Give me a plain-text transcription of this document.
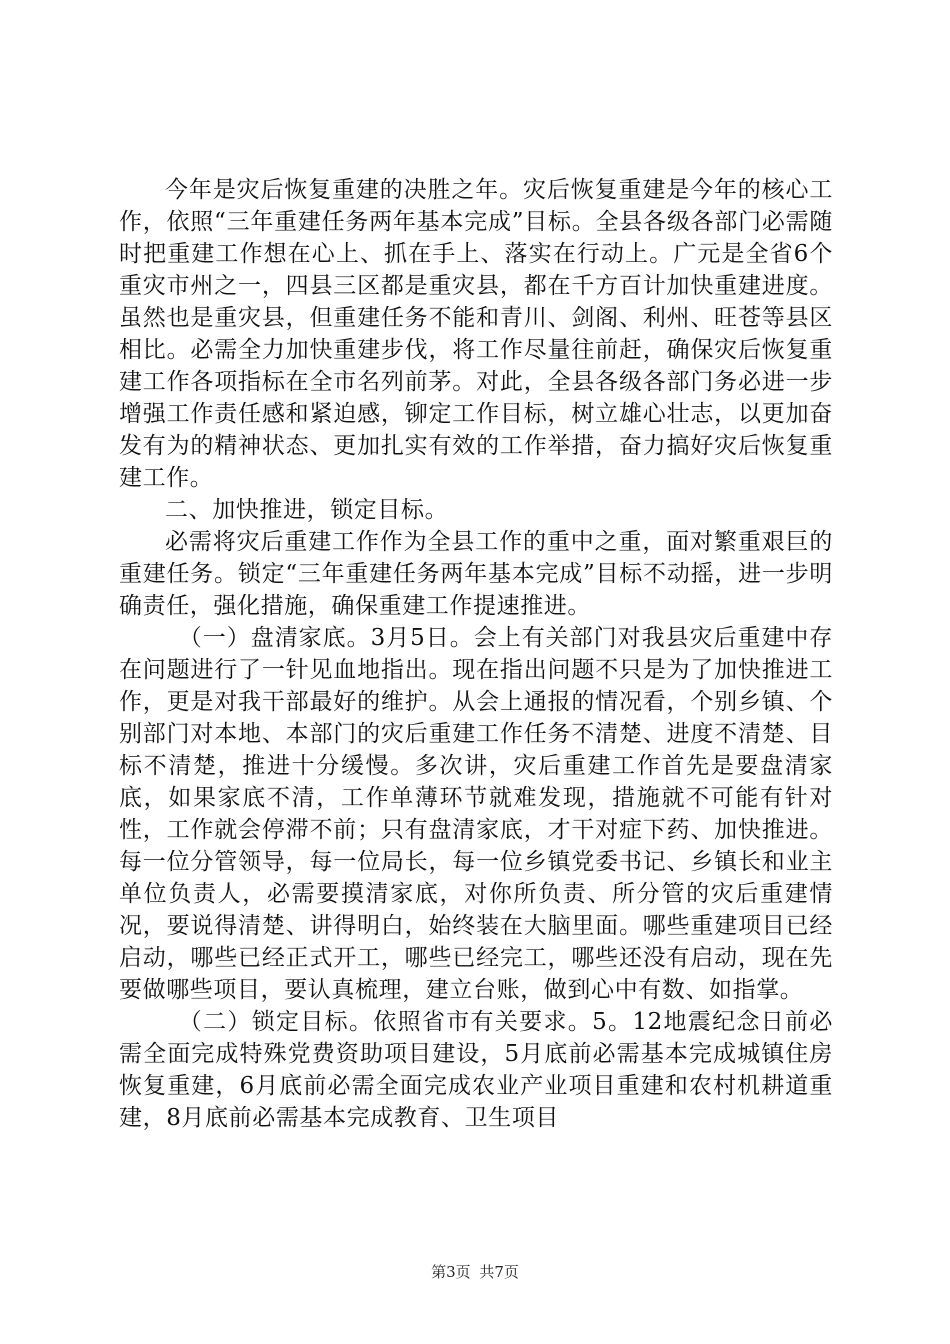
今年是灾后恢复重建的决胜之年。灾后恢复重建是今年的核心工作，依照“三年重建任务两年基本完成”目标。全县各级各部门必需随时把重建工作想在心上、抓在手上、落实在行动上。广元是全省6个重灾市州之一，四县三区都是重灾县，都在千方百计加快重建进度。虽然也是重灾县，但重建任务不能和青川、剑阁、利州、旺苍等县区相比。必需全力加快重建步伐，将工作尽量往前赶，确保灾后恢复重建工作各项指标在全市名列前茅。对此，全县各级各部门务必进一步增强工作责任感和紧迫感，铆定工作目标，树立雄心壮志，以更加奋发有为的精神状态、更加扎实有效的工作举措，奋力搞好灾后恢复重建工作。

二、加快推进，锁定目标。

必需将灾后重建工作作为全县工作的重中之重，面对繁重艰巨的重建任务。锁定“三年重建任务两年基本完成”目标不动摇，进一步明确责任，强化措施，确保重建工作提速推进。

（一）盘清家底。3月5日。会上有关部门对我县灾后重建中存在问题进行了一针见血地指出。现在指出问题不只是为了加快推进工作，更是对我干部最好的维护。从会上通报的情况看，个别乡镇、个别部门对本地、本部门的灾后重建工作任务不清楚、进度不清楚、目标不清楚，推进十分缓慢。多次讲，灾后重建工作首先是要盘清家底，如果家底不清，工作单薄环节就难发现，措施就不可能有针对性，工作就会停滞不前；只有盘清家底，才干对症下药、加快推进。每一位分管领导，每一位局长，每一位乡镇党委书记、乡镇长和业主单位负责人，必需要摸清家底，对你所负责、所分管的灾后重建情况，要说得清楚、讲得明白，始终装在大脑里面。哪些重建项目已经启动，哪些已经正式开工，哪些已经完工，哪些还没有启动，现在先要做哪些项目，要认真梳理，建立台账，做到心中有数、如指掌。

（二）锁定目标。依照省市有关要求。5。12地震纪念日前必需全面完成特殊党费资助项目建设，5月底前必需基本完成城镇住房恢复重建，6月底前必需全面完成农业产业项目重建和农村机耕道重建，8月底前必需基本完成教育、卫生项目

第3页 共7页
